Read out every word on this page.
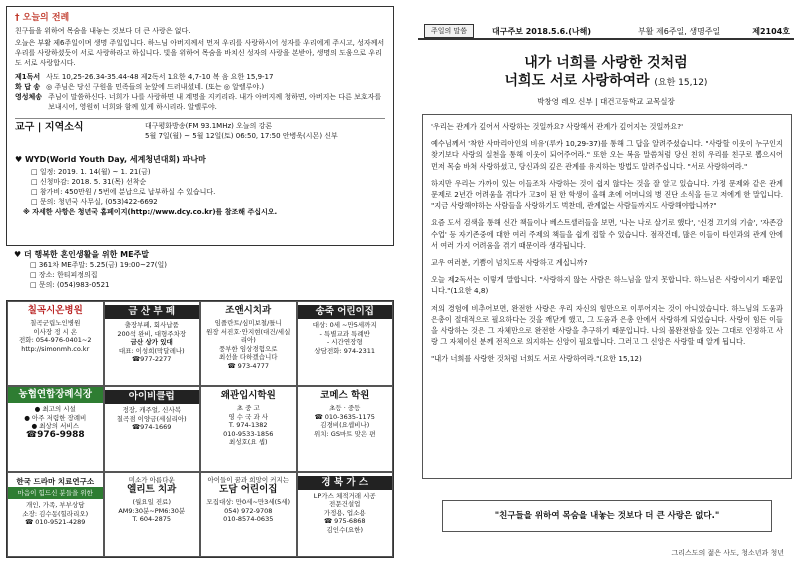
† 오늘의 전례

친구들을 위하여 목숨을 내놓는 것보다 더 큰 사랑은 없다.

오늘은 부활 제6주일이며 생명 주일입니다. 하느님 아버지께서 먼저 우리를 사랑하시어 성자를 우리에게 주시고, 성자께서 우리를 사랑하셨듯이 서로 사랑하라고 하십니다. 빛을 위하여 목숨을 바치신 성자의 사랑을 본받아, 생명의 도움으로 우리도 서로 사랑합시다.

제1독서 사도 10,25-26.34-35.44-48 제2독서 1요한 4,7-10 복 음 요한 15,9-17
화 답 송 ◎ 주님은 당신 구원을 민족들의 눈앞에 드러내셨네. (또는 ◎ 알렐루야.)
영성체송 주님이 말씀하신다. 너희가 나를 사랑하면 내 계명을 지키리라. 내가 아버지께 청하면, 아버지는 다른 보호자를 보내시어, 영원히 너희와 함께 있게 하시리라. 알렐루야.
교구 | 지역소식	대구평화방송(FM 93.1MHz) 오늘의 강론
5월 7일(월) ~ 5월 12일(토) 06:50, 17:50 안병욱(시몬) 신부
♥ WYD(World Youth Day, 세계청년대회) 파나마
□ 일정: 2019. 1. 14(월) ~ 1. 21(금)
□ 신청마감: 2018. 5. 31(목) 선착순
□ 참가비: 450만원 / 5번에 분납으로 납부하실 수 있습니다.
□ 문의: 청년국 사무실, (053)422-6692
※ 자세한 사항은 청년국 홈페이지(http://www.dcy.co.kr)를 참조해 주십시오.
♥ 더 행복한 혼인생활을 위한 ME주말
□ 361차 ME주말: 5.25(금) 19:00~27(일)
□ 장소: 한티피정의집
□ 문의: (054)983-0521
칠곡시온병원
칠곡군립노인병원
이사장 정 시 온
전화: 054-976-0401~2
http://simonmh.co.kr
금 산 부 페
출장부페, 회사납품
200석 완비, 대형주차장
금산 상가 있대
대표: 이성희(막달레나)
☎977-2277
조앤시치과
임플란트/심미보철/틀니
원장 서진호·안지현(대건/세실리아)
풍부한 임상경험으로
최선을 다하겠습니다
☎ 973-4777
송죽 어린이집
대상: 0세 ~만5세까지
- 특별교과 특례반
- 시간연장형
상담전화: 974-2311
농협연합장례식장
● 최고의 시설
● 아주 저렴한 장례비
● 최상의 서비스
☎976-9988
아이비클럽
정장, 캐주얼, 신사복
칠곡점 이양금(세실리아)
☎974-1669
왜관입시학원
초 중 고
영 수 국 과 사
T. 974-1382
010-9533-1856
최성호(요 셉)
코메스 학원
초등 · 중등
☎ 010-3635-1175
김경비(요셉비나)
위치: GS마트 맞은 편
한국 드라마 치료연구소
마음이 힘드신 분들을 위한
개인, 가족, 부부상담
소장: 김수동(힐라리오)
☎ 010-9521-4289
미소가 아름다운
엘리트 치과
(월요일 진료)
AM9:30분~PM6:30분
T. 604-2875
아이들이 꿈과 희망이 커지는
도담 어린이집
모집대상: 만0세~만3세(5세)
054) 972-9708
010-8574-0635
경 북 가 스
LP가스 체적거래 시공
전문건설업
가정용, 업소용
☎ 975-6868
김인수(요한)
주일의 말씀	대구주보 2018.5.6.(나해)	부활 제6주일, 생명주일	제2104호
내가 너희를 사랑한 것처럼
너희도 서로 사랑하여라 (요한 15,12)
박창영 레오 신부 | 대건고등학교 교목실장

'우리는 관계가 깊어서 사랑하는 것일까요? 사랑해서 관계가 깊어지는 것일까요?'

예수님께서 '착한 사마리아인의 비유'(루카 10,29-37)를 통해 그 답을 알려주셨습니다. "사랑할 이웃이 누구인지 찾기보다 사랑의 실천을 통해 이웃이 되어주어라." 또한 오는 복음 말씀처럼 당신 친히 우리를 친구로 뽑으시어 먼저 목숨 바쳐 사랑하셨고, 당신과의 깊은 관계를 유지하는 방법도 알려주십니다. "서로 사랑하여라."

하지만 우리는 가까이 있는 이들조차 사랑하는 것이 쉽지 않다는 것을 잘 알고 있습니다. 가정 문제와 같은 관계 문제로 2년간 어려움을 겪다가 고3이 된 한 학생이 올해 초에 어머니의 병 진단 소식을 듣고 저에게 한 말입니다. "지금 사랑해야하는 사람들을 사랑하기도 벅찬데, 관계없는 사람들까지도 사랑해야합니까?"

요즘 도서 검색을 통해 신간 책들이나 베스트셀러들을 보면, '나는 나로 살기로 했다', '신경 끄기의 기술', '자존감 수업' 등 자기존중에 대한 여러 주제의 책들을 쉽게 접할 수 있습니다. 점작건데, 많은 이들이 타인과의 관계 안에서 여러 가지 어려움을 겪기 때문이라 생각됩니다.

교우 여러분, 기쁨이 넘치도록 사랑하고 계십니까?

오늘 제2독서는 이렇게 말합니다. "사랑하지 않는 사람은 하느님을 알지 못합니다. 하느님은 사랑이시기 때문입니다."(1요한 4,8)

저의 경험에 비추어보면, 완전한 사랑은 우리 자신의 힘만으로 이루어지는 것이 아니었습니다. 하느님의 도움과 은총이 절대적으로 필요하다는 것을 깨닫게 했고, 그 도움과 은총 안에서 사랑하게 되었습니다. 사랑이 힘든 이들을 사랑하는 것은 그 자체만으로 완전한 사랑을 추구하기 때문입니다. 나의 불완전함을 있는 그대로 인정하고 사랑 그 자체이신 분께 전적으로 의지하는 신앙이 필요합니다. 그러고 그 신앙은 사랑할 때 알게 됩니다.

"내가 너희를 사랑한 것처럼 너희도 서로 사랑하여라."(요한 15,12)

"친구들을 위하여 목숨을 내놓는 것보다 더 큰 사랑은 없다."
그리스도의 젊은 사도, 청소년과 청년
